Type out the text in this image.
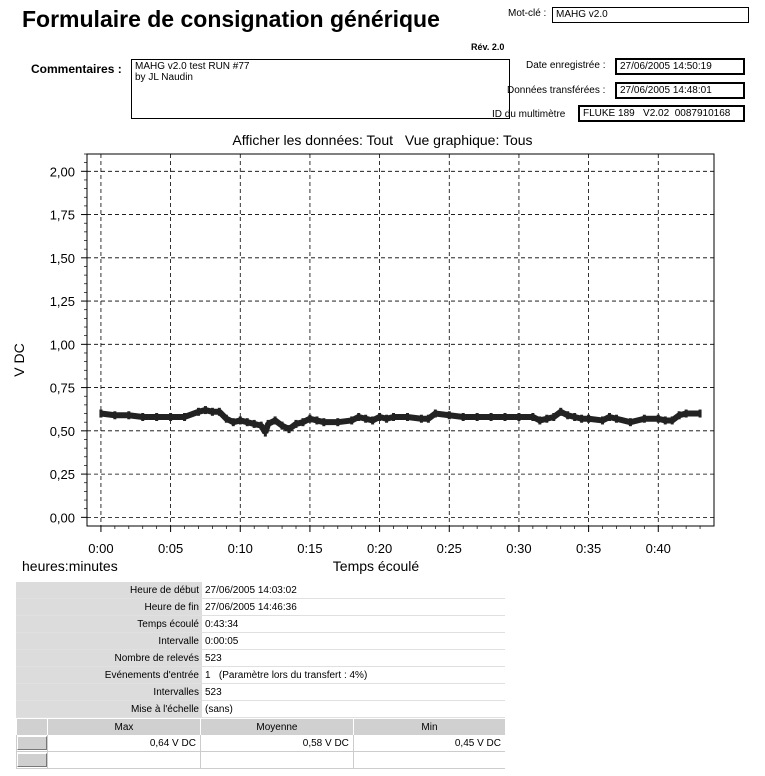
Formulaire de consignation générique	Mot-clé : MAHG v2.0
Rév. 2.0
Commentaires :	MAHG v2.0 test RUN #77
by JL Naudin
Date enregistrée :	27/06/2005 14:50:19
Données transférées :	27/06/2005 14:48:01
ID du multimètre	FLUKE 189   V2.02  0087910168
Afficher les données: Tout Vue graphique: Tous
0:00	0:05	0:10	0:15	0:20	0:25	0:30	0:35	0:40
0,00
0,25
0,50
0,75
1,00
1,25
1,50
1,75
2,00
V DC
Temps écoulé
heures:minutes
Heure de début	27/06/2005 14:03:02
Heure de fin	27/06/2005 14:46:36
Temps écoulé	0:43:34
Intervalle	0:00:05
Nombre de relevés	523
Evénements d'entrée	1   (Paramètre lors du transfert : 4%)
Intervalles	523
Mise à l'échelle	(sans)
	Max	Moyenne	Min

	0,64 V DC	0,58 V DC	0,45 V DC
